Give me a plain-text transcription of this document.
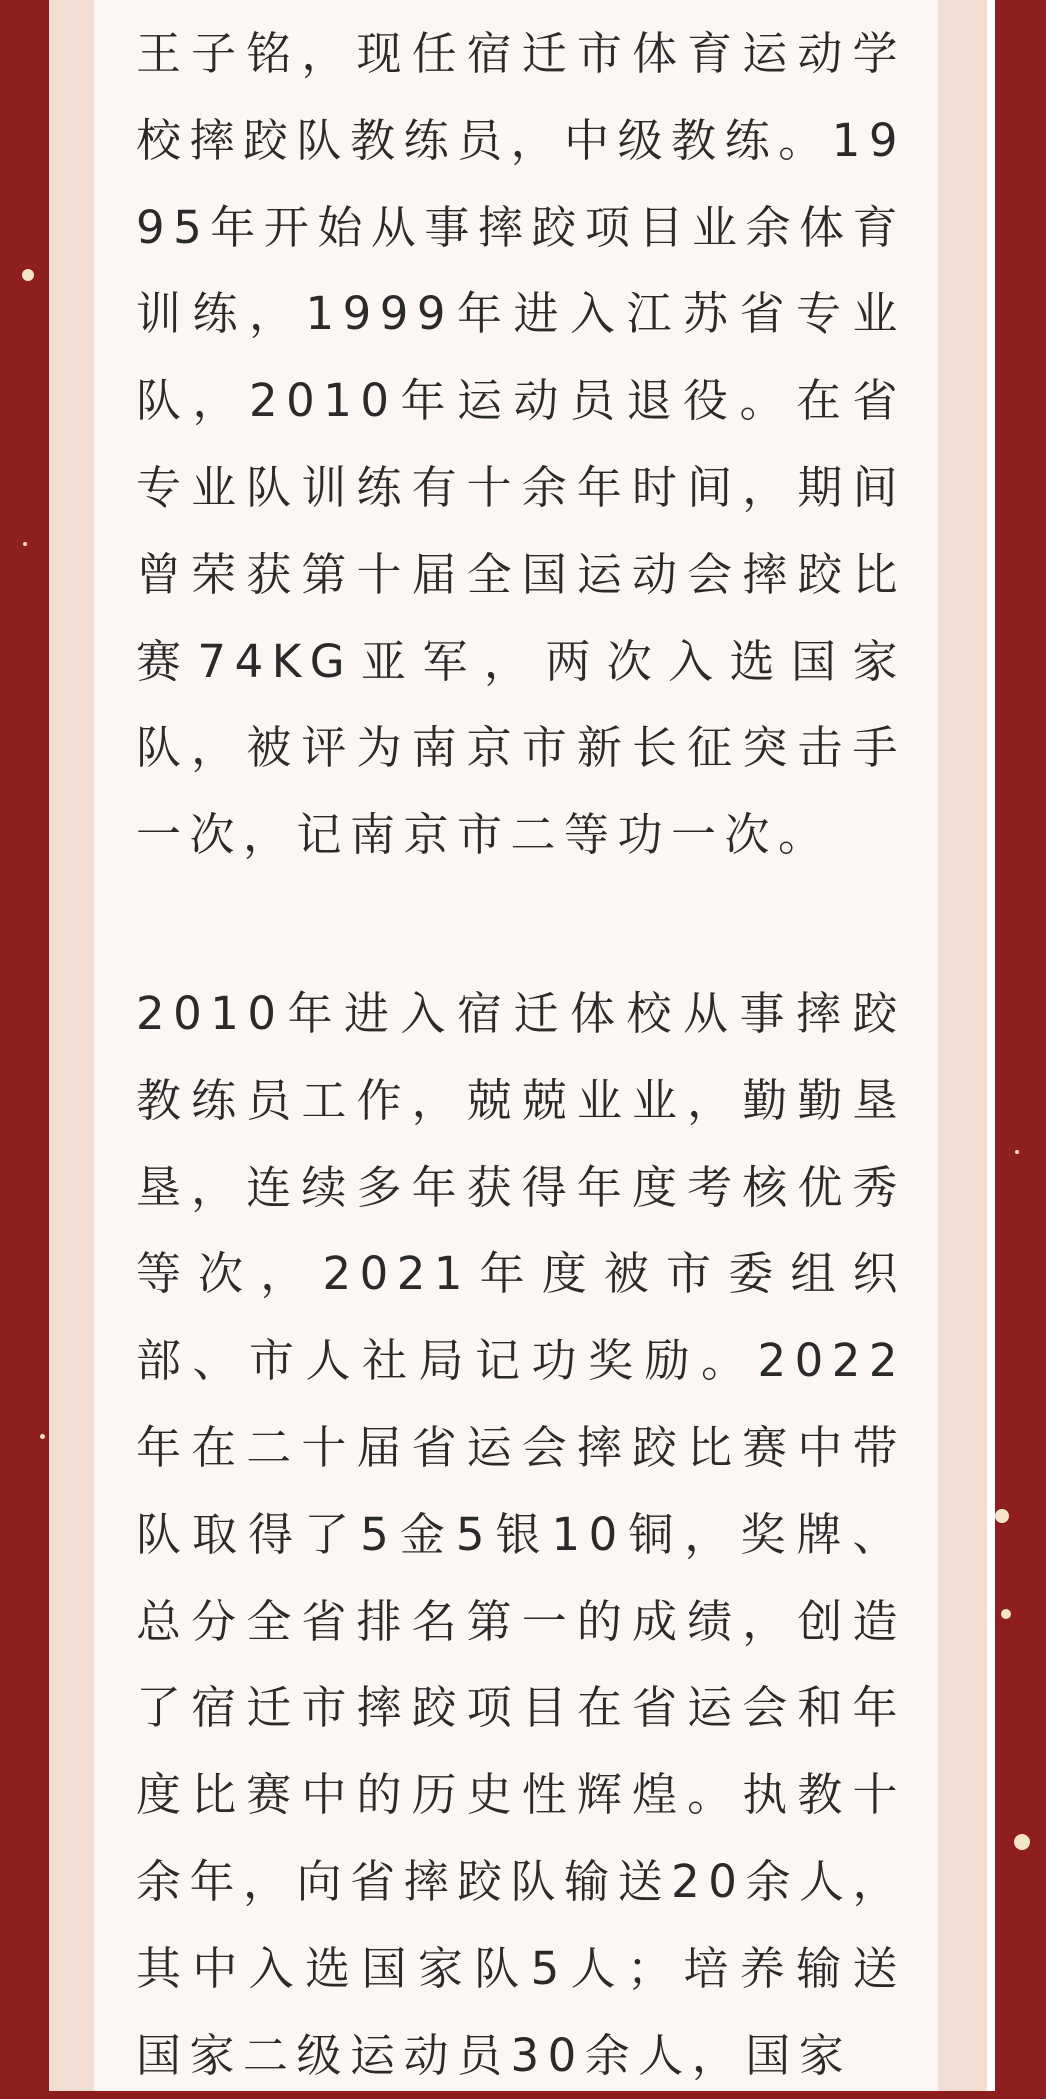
王子铭，现任宿迁市体育运动学校摔跤队教练员，中级教练。1995年开始从事摔跤项目业余体育训练，1999年进入江苏省专业队，2010年运动员退役。在省专业队训练有十余年时间，期间曾荣获第十届全国运动会摔跤比赛74KG亚军，两次入选国家队，被评为南京市新长征突击手一次，记南京市二等功一次。

2010年进入宿迁体校从事摔跤教练员工作，兢兢业业，勤勤垦垦，连续多年获得年度考核优秀等次，2021年度被市委组织部、市人社局记功奖励。2022年在二十届省运会摔跤比赛中带队取得了5金5银10铜，奖牌、总分全省排名第一的成绩，创造了宿迁市摔跤项目在省运会和年度比赛中的历史性辉煌。执教十余年，向省摔跤队输送20余人，其中入选国家队5人；培养输送国家二级运动员30余人，国家
